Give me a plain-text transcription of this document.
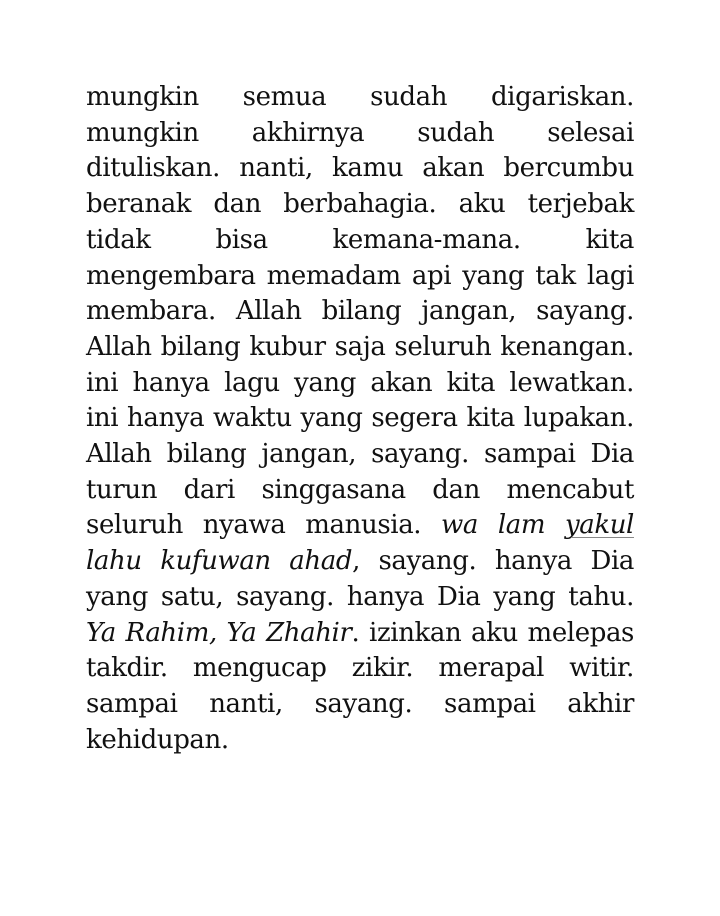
mungkin semua sudah digariskan. mungkin akhirnya sudah selesai dituliskan. nanti, kamu akan bercumbu beranak dan berbahagia. aku terjebak tidak bisa kemana-mana. kita mengembara memadam api yang tak lagi membara. Allah bilang jangan, sayang. Allah bilang kubur saja seluruh kenangan. ini hanya lagu yang akan kita lewatkan. ini hanya waktu yang segera kita lupakan. Allah bilang jangan, sayang. sampai Dia turun dari singgasana dan mencabut seluruh nyawa manusia. wa lam yakul lahu kufuwan ahad, sayang. hanya Dia yang satu, sayang. hanya Dia yang tahu. Ya Rahim, Ya Zhahir. izinkan aku melepas takdir. mengucap zikir. merapal witir. sampai nanti, sayang. sampai akhir kehidupan.
